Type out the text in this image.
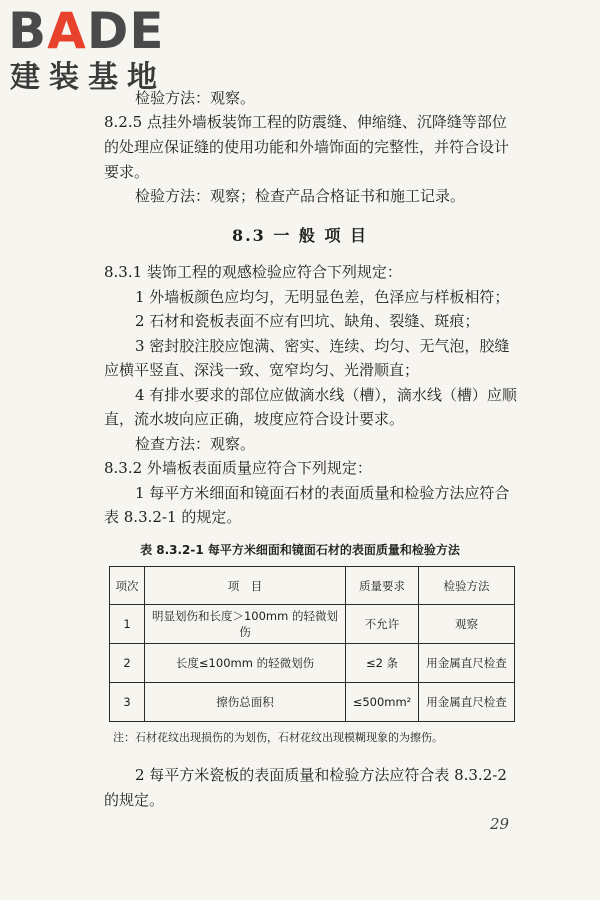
BADE
建装基地
检验方法：观察。
8.2.5 点挂外墙板装饰工程的防震缝、伸缩缝、沉降缝等部位
的处理应保证缝的使用功能和外墙饰面的完整性，并符合设计
要求。
检验方法：观察；检查产品合格证书和施工记录。
8.3 一 般 项 目
8.3.1 装饰工程的观感检验应符合下列规定：
1 外墙板颜色应均匀，无明显色差，色泽应与样板相符；
2 石材和瓷板表面不应有凹坑、缺角、裂缝、斑痕；
3 密封胶注胶应饱满、密实、连续、均匀、无气泡，胶缝
应横平竖直、深浅一致、宽窄均匀、光滑顺直；
4 有排水要求的部位应做滴水线（槽），滴水线（槽）应顺
直，流水坡向应正确，坡度应符合设计要求。
检查方法：观察。
8.3.2 外墙板表面质量应符合下列规定：
1 每平方米细面和镜面石材的表面质量和检验方法应符合
表 8.3.2-1 的规定。
表 8.3.2-1 每平方米细面和镜面石材的表面质量和检验方法
项次	项　目	质量要求	检验方法
1	明显划伤和长度＞100mm 的轻微划伤	不允许	观察
2	长度≤100mm 的轻微划伤	≤2 条	用金属直尺检查
3	擦伤总面积	≤500mm²	用金属直尺检查
注：石材花纹出现损伤的为划伤，石材花纹出现模糊现象的为擦伤。
2 每平方米瓷板的表面质量和检验方法应符合表 8.3.2-2
的规定。
29
